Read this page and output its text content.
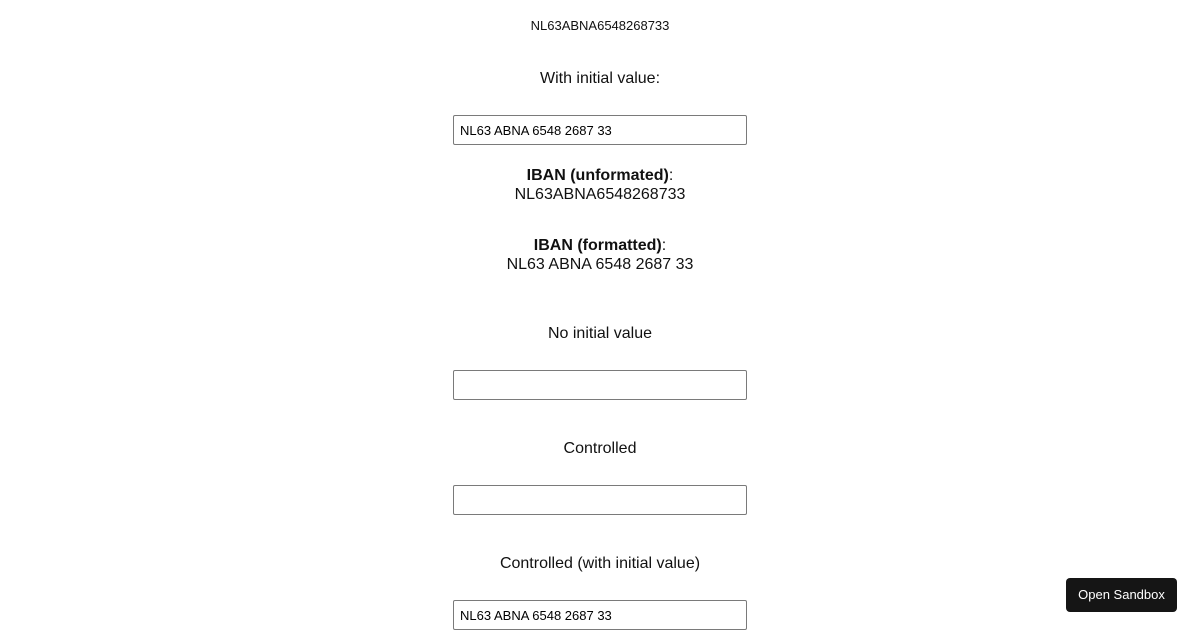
NL63ABNA6548268733
With initial value:
NL63 ABNA 6548 2687 33
IBAN (unformated):
NL63ABNA6548268733
IBAN (formatted):
NL63 ABNA 6548 2687 33
No initial value
Controlled
Controlled (with initial value)
NL63 ABNA 6548 2687 33
Open Sandbox
